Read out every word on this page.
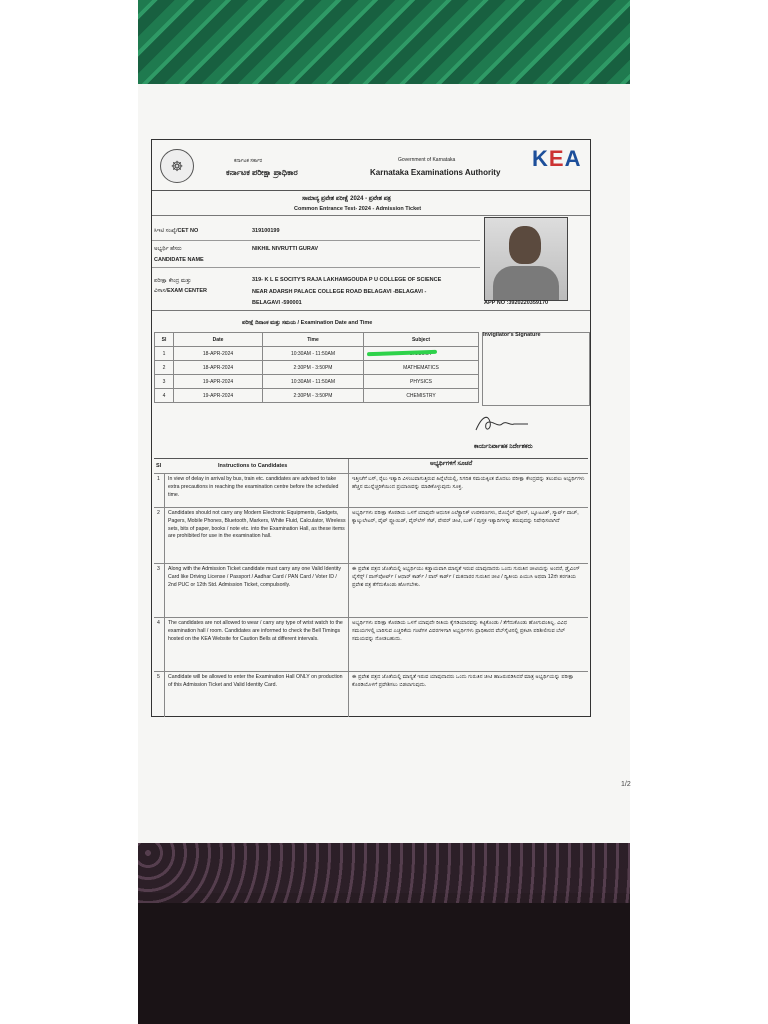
1/2
☸	ಕರ್ನಾಟಕ ಸರ್ಕಾರ
ಕರ್ನಾಟಕ ಪರೀಕ್ಷಾ ಪ್ರಾಧಿಕಾರ
Government of Karnataka
Karnataka Examinations Authority
KEA
ಸಾಮಾನ್ಯ ಪ್ರವೇಶ ಪರೀಕ್ಷೆ 2024 - ಪ್ರವೇಶ ಪತ್ರ
Common Entrance Test- 2024 - Admission Ticket
ಸಿಇಟಿ ಸಂಖ್ಯೆ/CET NO	319100199
ಅಭ್ಯರ್ಥಿ ಹೆಸರು
CANDIDATE NAME
NIKHIL NIVRUTTI GURAV
ಪರೀಕ್ಷಾ ಕೇಂದ್ರ ಮತ್ತು
ವಿಳಾಸ/EXAM CENTER
319- K L E SOCITY'S RAJA LAKHAMGOUDA P U COLLEGE OF SCIENCE
NEAR ADARSH PALACE COLLEGE ROAD BELAGAVI -BELAGAVI -
BELAGAVI -590001	APP NO :3920220359170
ಪರೀಕ್ಷೆ ದಿನಾಂಕ ಮತ್ತು ಸಮಯ / Examination Date and Time
Sl	Date	Time	Subject
1	18-APR-2024	10:30AM - 11:50AM	
2	18-APR-2024	2:30PM - 3:50PM	MATHEMATICS
3	19-APR-2024	10:30AM - 11:50AM	PHYSICS
4	19-APR-2024	2:30PM - 3:50PM	CHEMISTRY
Invigilator's Signature
ಕಾರ್ಯನಿರ್ವಾಹಕ ನಿರ್ದೇಶಕರು
Sl	Instructions to Candidates	ಅಭ್ಯರ್ಥಿಗಳಿಗೆ ಸೂಚನೆ
1 In view of delay in arrival by bus, train etc. candidates are advised to take extra precautions in reaching the examination centre before the scheduled time.
ಇತ್ತೀಚೆಗೆ ಬಸ್, ರೈಲು ಇತ್ಯಾದಿ ವಿಳಂಬವಾಗುತ್ತಿರುವ ಹಿನ್ನೆಲೆಯಲ್ಲಿ, ನಿಗದಿತ ಸಮಯಕ್ಕಿಂತ ಮೊದಲು ಪರೀಕ್ಷಾ ಕೇಂದ್ರವನ್ನು ತಲುಪಲು ಅಭ್ಯರ್ಥಿಗಳು ಹೆಚ್ಚಿನ ಮುನ್ನೆಚ್ಚರಿಕೆಯಿಂದ ಪ್ರಯಾಣವನ್ನು ಮಾಡಿಕೊಳ್ಳುವುದು ಸೂಕ್ತ.
2 Candidates should not carry any Modern Electronic Equipments, Gadgets, Pagers, Mobile Phones, Bluetooth, Markers, White Fluid, Calculator, Wireless sets, bits of paper, books / note etc. into the Examination Hall, as these items are prohibited for use in the examination hall.
ಅಭ್ಯರ್ಥಿಗಳು ಪರೀಕ್ಷಾ ಕೊಠಡಿಯ ಒಳಗೆ ಯಾವುದೇ ಆಧುನಿಕ ಎಲೆಕ್ಟ್ರಾನಿಕ್ ಉಪಕರಣಗಳು, ಮೊಬೈಲ್ ಫೋನ್, ಬ್ಲೂಟೂತ್, ಸ್ಮಾರ್ಟ್ ವಾಚ್, ಕ್ಯಾಲ್ಕುಲೇಟರ್, ವೈಟ್ ಫ್ಲೂಯಿಡ್, ವೈರ್‌ಲೆಸ್ ಸೆಟ್, ಪೇಪರ್ ಚೀಟಿ, ಬುಕ್ / ಪುಸ್ತಕ ಇತ್ಯಾದಿಗಳನ್ನು ತರುವುದನ್ನು ನಿಷೇಧಿಸಲಾಗಿದೆ
3 Along with the Admission Ticket candidate must carry any one Valid Identity Card like Driving License / Passport / Aadhar Card / PAN Card / Voter ID / 2nd PUC or 12th Std. Admission Ticket, compulsorily.
ಈ ಪ್ರವೇಶ ಪತ್ರದ ಜೊತೆಯಲ್ಲಿ ಅಭ್ಯರ್ಥಿಯು ಕಡ್ಡಾಯವಾಗಿ ಮಾನ್ಯತೆ ಇರುವ ಯಾವುದಾದರು ಒಂದು ಗುರುತಿನ ಚೀಟಿಯನ್ನು ಅಂದರೆ, ಡ್ರೈವಿಂಗ್ ಲೈಸೆನ್ಸ್ / ಪಾಸ್‌ಪೋರ್ಟ್ / ಆಧಾರ್ ಕಾರ್ಡ್ / ಪಾನ್ ಕಾರ್ಡ್ / ಮತದಾರರ ಗುರುತಿನ ಚೀಟಿ / ದ್ವಿತೀಯ ಪಿಯುಸಿ ಅಥವಾ 12ನೇ ತರಗತಿಯ ಪ್ರವೇಶ ಪತ್ರ ತೆಗೆದುಕೊಂಡು ಹೋಗಬೇಕು.
4 The candidates are not allowed to wear / carry any type of wrist watch to the examination hall / room. Candidates are informed to check the Bell Timings hosted on the KEA Website for Caution Bells at different intervals.
ಅಭ್ಯರ್ಥಿಗಳು ಪರೀಕ್ಷಾ ಕೊಠಡಿಯ ಒಳಗೆ ಯಾವುದೇ ರೀತಿಯ ಕೈಗಡಿಯಾರವನ್ನು ಕಟ್ಟಿಕೊಂಡು / ತೆಗೆದುಕೊಂಡು ಹೋಗುವಂತಿಲ್ಲ. ವಿವಿಧ ಸಮಯಗಳಲ್ಲಿ ಬಾರಿಸುವ ಎಚ್ಚರಿಕೆಯ ಗಂಟೆಗಳ ವಿವರಗಳಿಗಾಗಿ ಅಭ್ಯರ್ಥಿಗಳು ಪ್ರಾಧಿಕಾರದ ವೆಬ್‌ಸೈಟಿನಲ್ಲಿ ಪ್ರಕಟಿಸಿ ಪರಿಶೀಲಿಸುವ ಬೆಲ್ ಸಮಯವನ್ನು ನೋಡಬಹುದು.
5 Candidate will be allowed to enter the Examination Hall ONLY on production of this Admission Ticket and Valid Identity Card.
ಈ ಪ್ರವೇಶ ಪತ್ರದ ಜೊತೆಯಲ್ಲಿ ಮಾನ್ಯತೆ ಇರುವ ಯಾವುದಾದರು ಒಂದು ಗುರುತಿನ ಚೀಟಿ ಹಾಜರುಪಡಿಸಿದರೆ ಮಾತ್ರ ಅಭ್ಯರ್ಥಿಯನ್ನು ಪರೀಕ್ಷಾ ಕೊಠಡಿಯೊಳಗೆ ಪ್ರವೇಶಿಸಲು ಬಿಡಲಾಗುವುದು.
